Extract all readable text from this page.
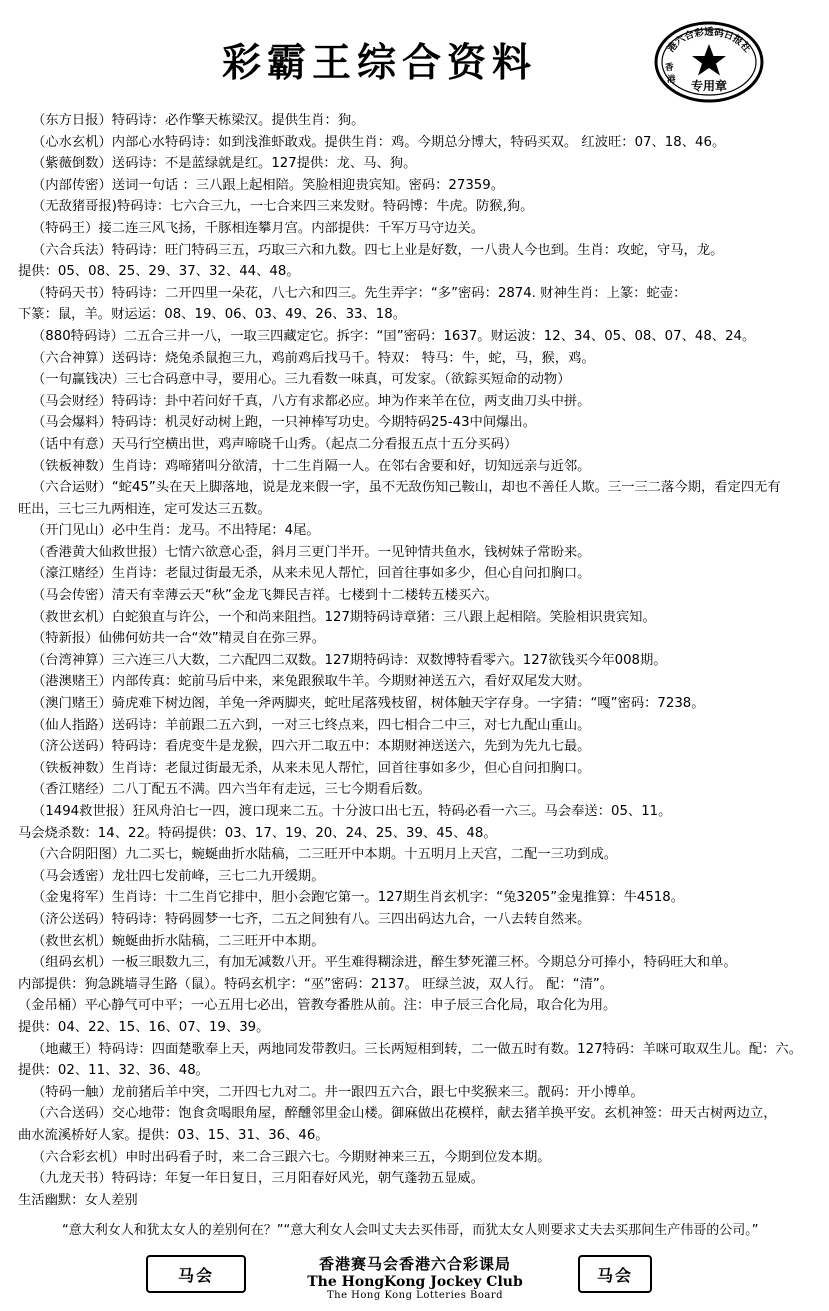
彩霸王综合资料	港六合彩透码日报社
专用章
香
港
（东方日报）特码诗：必作擎天栋梁汉。提供生肖：狗。
（心水玄机）内部心水特码诗：如到浅淮虾敢戏。提供生肖：鸡。今期总分博大，特码买双。 红波旺：07、18、46。
（紫薇倒数）送码诗：不是蓝绿就是红。127提供：龙、马、狗。
（内部传密）送词一句话 ：三八跟上起相陪。笑脸相迎贵宾知。密码：27359。
（无敌猪哥报)特码诗：七六合三九，一七合来四三来发财。特码博：牛虎。防猴,狗。
（特码王）接二连三风飞扬，千豚相连攀月宫。内部提供：千军万马守边关。
（六合兵法）特码诗：旺门特码三五，巧取三六和九数。四七上业是好数，一八贵人今也到。生肖：攻蛇，守马，龙。
提供：05、08、25、29、37、32、44、48。
（特码天书）特码诗：二开四里一朵花，八七六和四三。先生弄字：“多”密码：2874. 财神生肖：上篆：蛇壶：
下篆：鼠，羊。财运运：08、19、06、03、49、26、33、18。
（880特码诗）二五合三井一八，一取三四藏定它。拆字：“囯”密码：1637。财运波：12、34、05、08、07、48、24。
（六合神算）送码诗：烧兔杀鼠抱三九，鸡前鸡后找马千。特双： 特马：牛，蛇，马，猴，鸡。
（一句赢钱决）三七合码意中寻，要用心。三九看数一味真，可发家。（欲錝买短命的动物）
（马会财经）特码诗：卦中若问好千真，八方有求都必应。坤为作来羊在位，两支曲刀头中拼。
（马会爆料）特码诗：机灵好动树上跑，一只神棒写功史。今期特码25-43中间爆出。
（话中有意）天马行空横出世，鸡声啼晓千山秀。（起点二分看报五点十五分买码）
（铁板神数）生肖诗：鸡啼猪叫分欲清，十二生肖隔一人。在邻右舍要和好，切知远亲与近邻。
（六合运财）“蛇45”头在天上脚落地，说是龙来假一字，虽不无敌伤知己鞍山，却也不善任人欺。三一三二落今期，看定四无有
旺出，三七三九两相连，定可发达三五数。
（开门见山）必中生肖：龙马。不出特尾：4尾。
（香港黄大仙救世报）七情六欲意心歪，斜月三更门半开。一见钟情共鱼水，钱树妹子常盼来。
（濠江赌经）生肖诗：老鼠过街最无杀，从来未见人帮忙，回首往事如多少，但心自问扣胸口。
（马会传密）清天有幸薄云天“秋”金龙飞舞民吉祥。七楼到十二楼转五楼买六。
（救世玄机）白蛇狼直与许公，一个和尚来阻挡。127期特码诗章猪：三八跟上起相陪。笑脸相识贵宾知。
（特新报）仙佛何妨共一合“效”精灵自在弥三界。
（台湾神算）三六连三八大数，二六配四二双数。127期特码诗：双数博特看零六。127欲钱买今年008期。
（港澳赌王）内部传真：蛇前马后中来，来兔跟猴取牛羊。今期财神送五六，看好双尾发大财。
（澳门赌王）骑虎难下树边阁，羊兔一斧两脚夹，蛇吐尾落残枝留，树体触天字存身。一字猜：“嘎”密码：7238。
（仙人指路）送码诗：羊前跟二五六到，一对三七终点来，四七相合二中三，对七九配山重山。
（济公送码）特码诗：看虎变牛是龙猴，四六开二取五中：本期财神送送六，先到为先九七最。
（铁板神数）生肖诗：老鼠过街最无杀，从来未见人帮忙，回首往事如多少，但心自问扣胸口。
（香江赌经）二八丁配五不满。四六当年有走远，三七今期看后数。
（1494救世报）狂风舟泊七一四，渡口现来二五。十分波口出七五，特码必看一六三。马会奉送：05、11。
马会烧杀数：14、22。特码提供：03、17、19、20、24、25、39、45、48。
（六合阴阳图）九二买七，蜿蜒曲折水陆稿，二三旺开中本期。十五明月上天宫，二配一三功到成。
（马会透密）龙壮四七发前峰，三七二九开缓期。
（金鬼将军）生肖诗：十二生肖它排中，胆小会跑它第一。127期生肖玄机字：“兔3205”金鬼推算：牛4518。
（济公送码）特码诗：特码圆梦一七齐，二五之间独有八。三四出码达九合，一八去转自然来。
（救世玄机）蜿蜒曲折水陆稿，二三旺开中本期。
（组码玄机）一板三眼数九三，有加无减数八开。平生难得糊涂进，醉生梦死灌三杯。今期总分可捧小，特码旺大和单。
内部提供：狗急跳墙寻生路（鼠）。特码玄机字：“巫”密码：2137。 旺绿兰波，双人行。 配：“清”。
（金吊桶）平心静气可中平；一心五用七必出，管教夸番胜从前。注：申子辰三合化局，取合化为用。
提供：04、22、15、16、07、19、39。
（地藏王）特码诗：四面楚歌奉上天，两地同发带教归。三长两短相到转，二一做五时有数。127特码：羊咪可取双生儿。配：六。
提供：02、11、32、36、48。
（特码一触）龙前猪后羊中突，二开四七九对二。井一跟四五六合，跟七中奖猴来三。靓码：开小博单。
（六合送码）交心地带：饱食贪喝眼角屋，醉醺邻里金山楼。御麻做出花模样，献去猪羊换平安。玄机神签：毌天古树两边立，
曲水流溪桥好人家。提供：03、15、31、36、46。
（六合彩玄机）申时出码看子时，来二合三跟六七。今期财神来三五，今期到位发本期。
（九龙天书）特码诗：年复一年日复日，三月阳春好风光，朝气蓬勃五显威。
生活幽默：女人差别
“意大利女人和犹太女人的差别何在？”“意大利女人会叫丈夫去买伟哥，而犹太女人则要求丈夫去买那间生产伟哥的公司。”
马会
香港赛马会香港六合彩课局
The HongKong Jockey Club
The Hong Kong Lotteries Board
马会
